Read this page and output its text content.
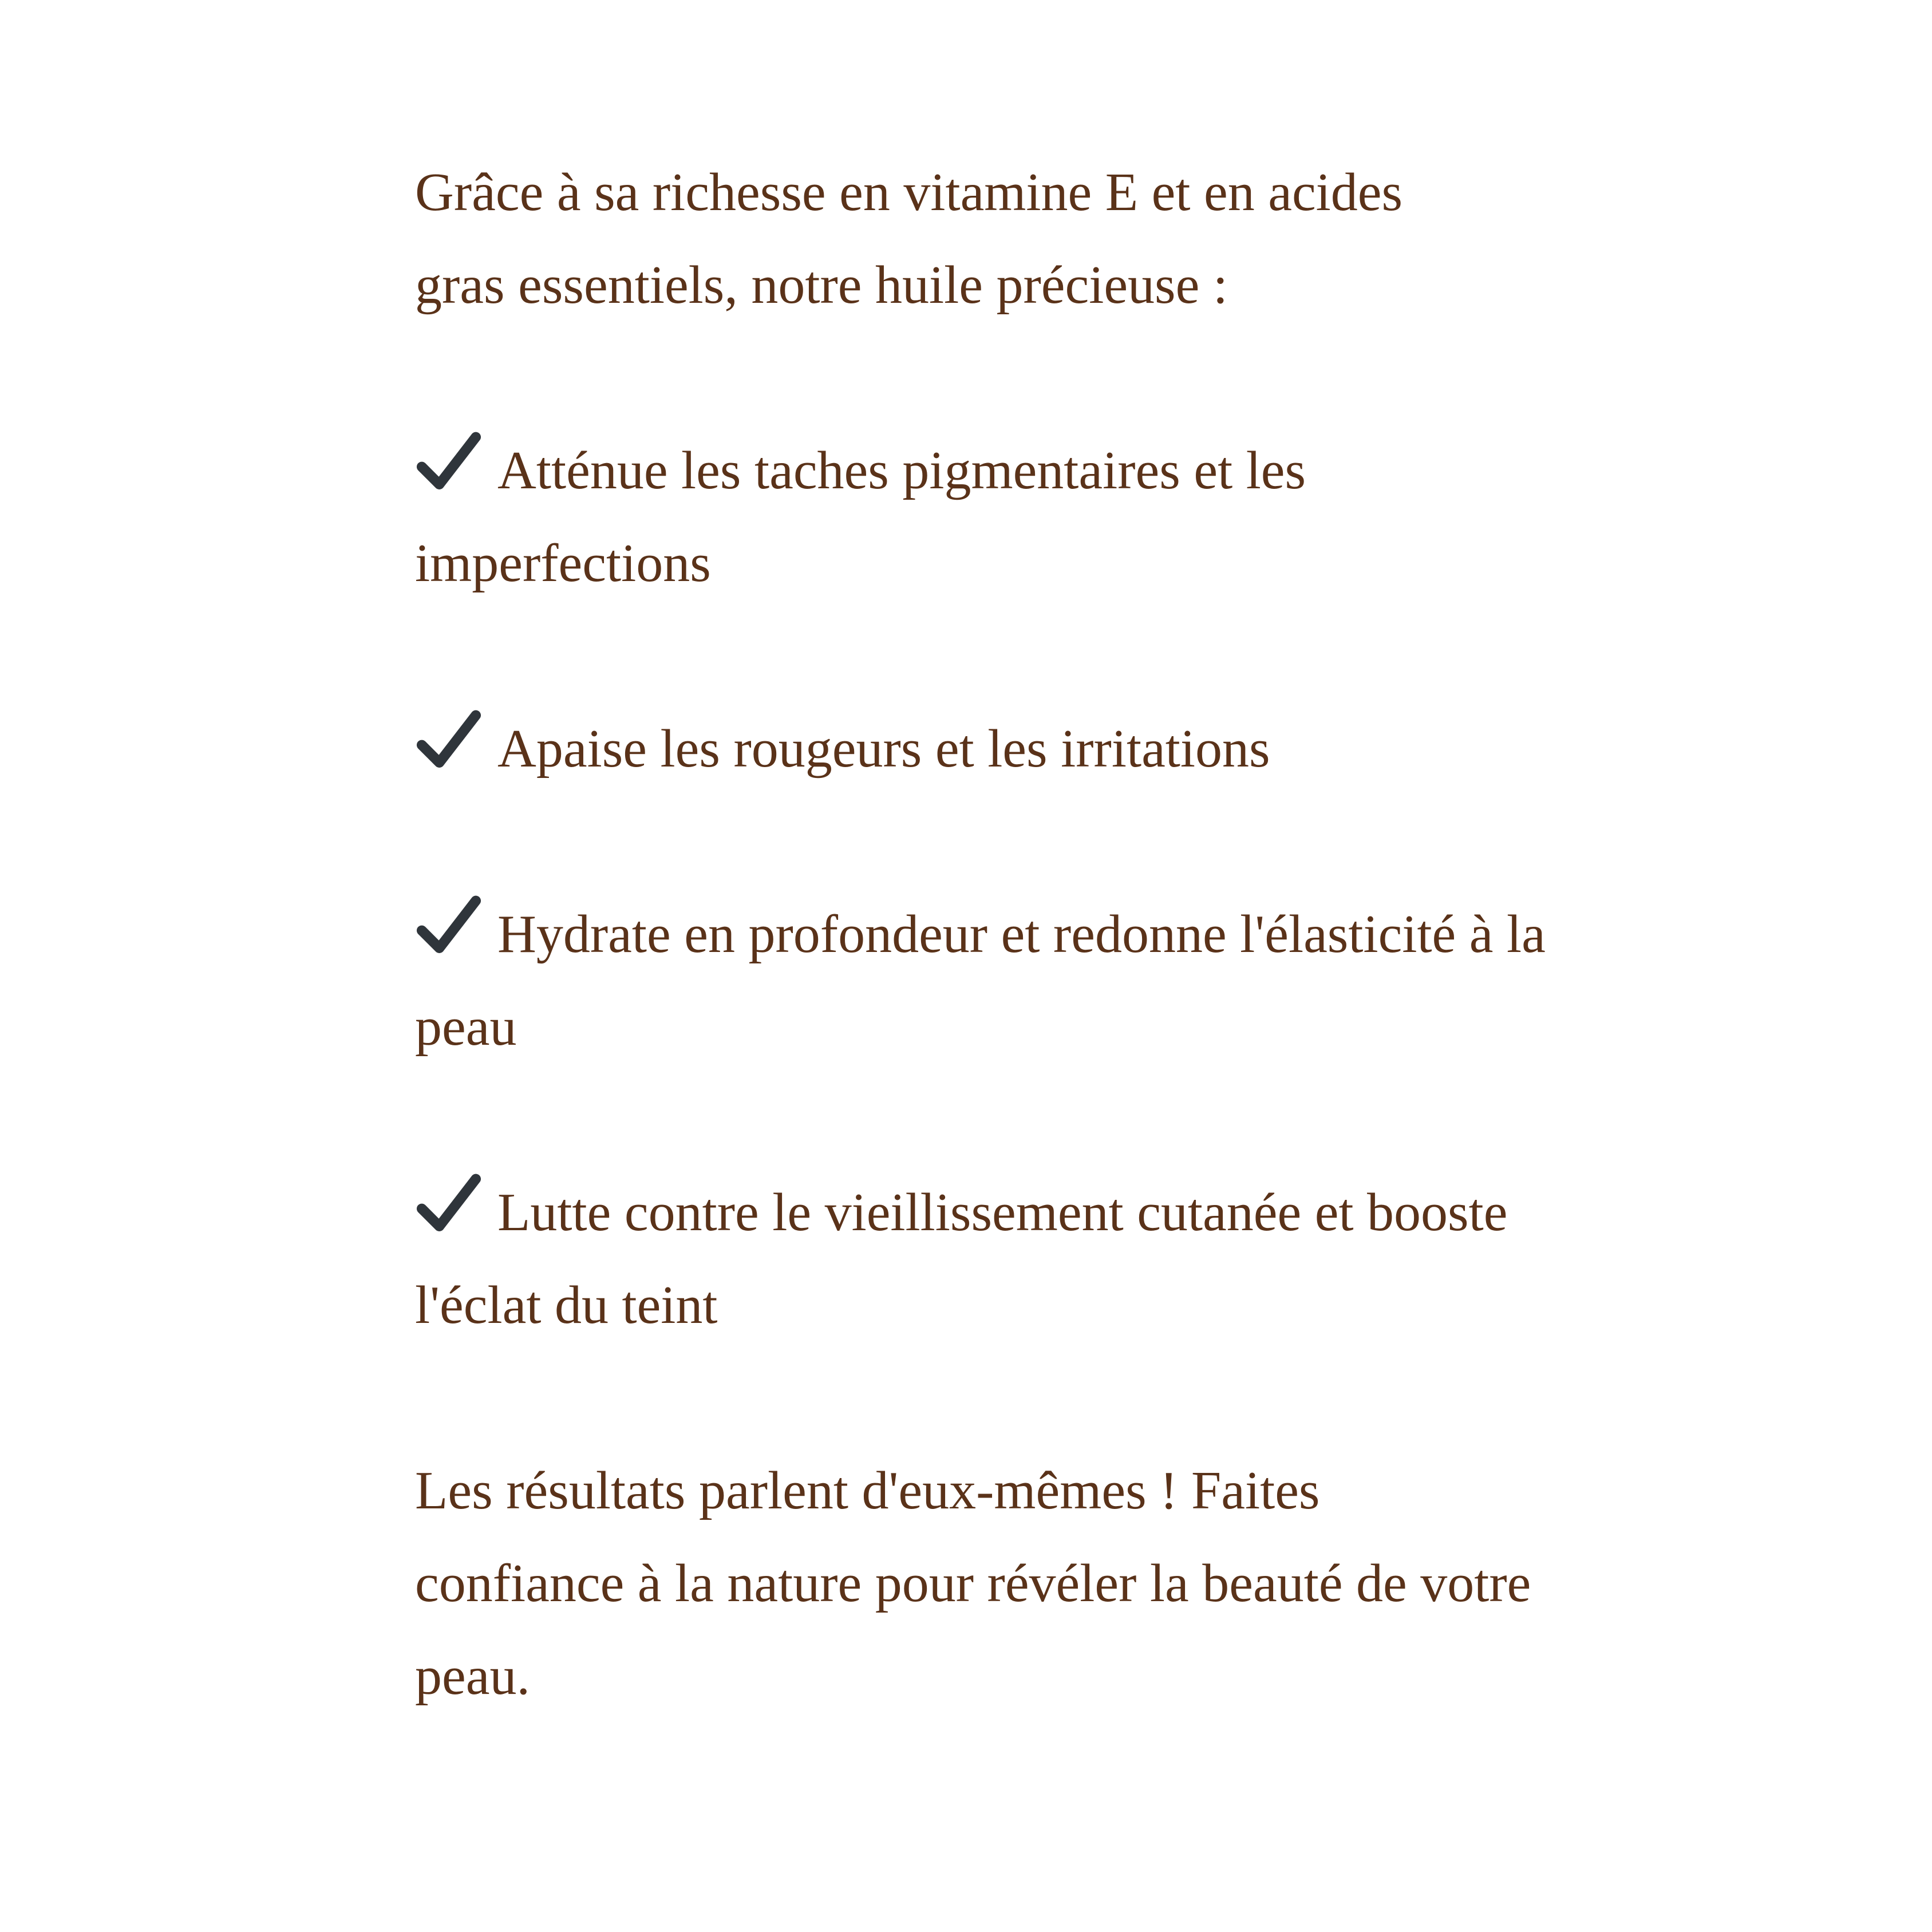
Grâce à sa richesse en vitamine E et en acides gras essentiels, notre huile précieuse :

Atténue les taches pigmentaires et les imperfections

Apaise les rougeurs et les irritations

Hydrate en profondeur et redonne l'élasticité à la peau

Lutte contre le vieillissement cutanée et booste l'éclat du teint

Les résultats parlent d'eux-mêmes ! Faites confiance à la nature pour révéler la beauté de votre peau.
